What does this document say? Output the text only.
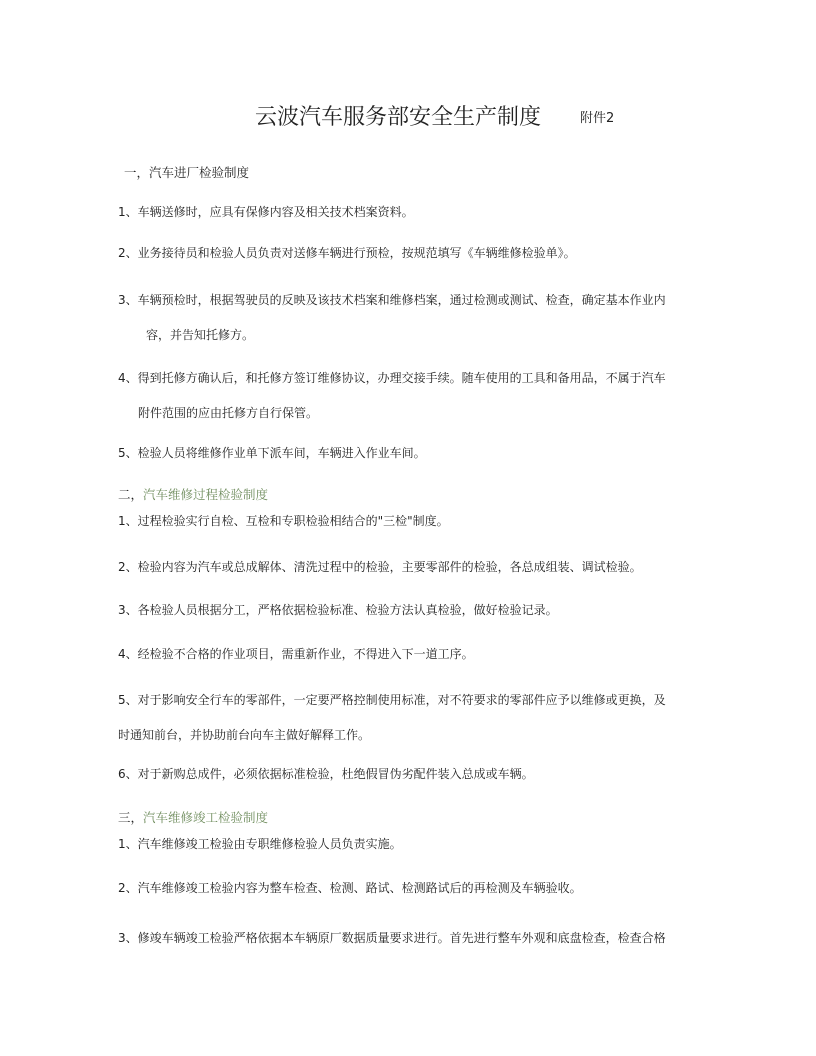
云波汽车服务部安全生产制度	附件2
一，汽车进厂检验制度
1、车辆送修时，应具有保修内容及相关技术档案资料。
2、业务接待员和检验人员负责对送修车辆进行预检，按规范填写《车辆维修检验单》。
3、车辆预检时，根据驾驶员的反映及该技术档案和维修档案，通过检测或测试、检查，确定基本作业内
容，并告知托修方。
4、得到托修方确认后，和托修方签订维修协议，办理交接手续。随车使用的工具和备用品，不属于汽车
附件范围的应由托修方自行保管。
5、检验人员将维修作业单下派车间，车辆进入作业车间。
二，汽车维修过程检验制度
1、过程检验实行自检、互检和专职检验相结合的"三检"制度。
2、检验内容为汽车或总成解体、清洗过程中的检验，主要零部件的检验，各总成组装、调试检验。
3、各检验人员根据分工，严格依据检验标准、检验方法认真检验，做好检验记录。
4、经检验不合格的作业项目，需重新作业，不得进入下一道工序。
5、对于影响安全行车的零部件，一定要严格控制使用标准，对不符要求的零部件应予以维修或更换，及
时通知前台，并协助前台向车主做好解释工作。
6、对于新购总成件，必须依据标准检验，杜绝假冒伪劣配件装入总成或车辆。
三，汽车维修竣工检验制度
1、汽车维修竣工检验由专职维修检验人员负责实施。
2、汽车维修竣工检验内容为整车检查、检测、路试、检测路试后的再检测及车辆验收。
3、修竣车辆竣工检验严格依据本车辆原厂数据质量要求进行。首先进行整车外观和底盘检查，检查合格
